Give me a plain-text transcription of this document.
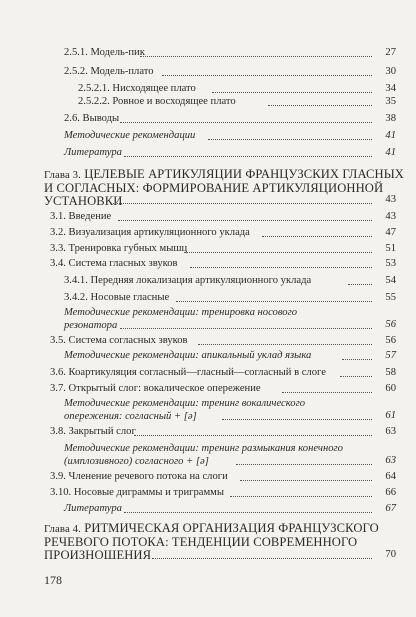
2.5.1. Модель-пик	27
2.5.2. Модель-плато	30
2.5.2.1. Нисходящее плато	34
2.5.2.2. Ровное и восходящее плато	35
2.6. Выводы	38
Методические рекомендации	41
Литература	41
Глава 3. ЦЕЛЕВЫЕ АРТИКУЛЯЦИИ ФРАНЦУЗСКИХ ГЛАСНЫХ
И СОГЛАСНЫХ: ФОРМИРОВАНИЕ АРТИКУЛЯЦИОННОЙ
УСТАНОВКИ	43
3.1. Введение	43
3.2. Визуализация артикуляционного уклада	47
3.3. Тренировка губных мышц	51
3.4. Система гласных звуков	53
3.4.1. Передняя локализация артикуляционного уклада	54
3.4.2. Носовые гласные	55
Методические рекомендации: тренировка носового
резонатора	56
3.5. Система согласных звуков	56
Методические рекомендации: апикальный уклад языка	57
3.6. Коартикуляция согласный—гласный—согласный в слоге	58
3.7. Открытый слог: вокалическое опережение	60
Методические рекомендации: тренинг вокалического
опережения: согласный + [ə]	61
3.8. Закрытый слог	63
Методические рекомендации: тренинг размыкания конечного
(имплозивного) согласного + [ə]	63
3.9. Членение речевого потока на слоги	64
3.10. Носовые диграммы и триграммы	66
Литература	67
Глава 4. РИТМИЧЕСКАЯ ОРГАНИЗАЦИЯ ФРАНЦУЗСКОГО
РЕЧЕВОГО ПОТОКА: ТЕНДЕНЦИИ СОВРЕМЕННОГО
ПРОИЗНОШЕНИЯ	70
178
